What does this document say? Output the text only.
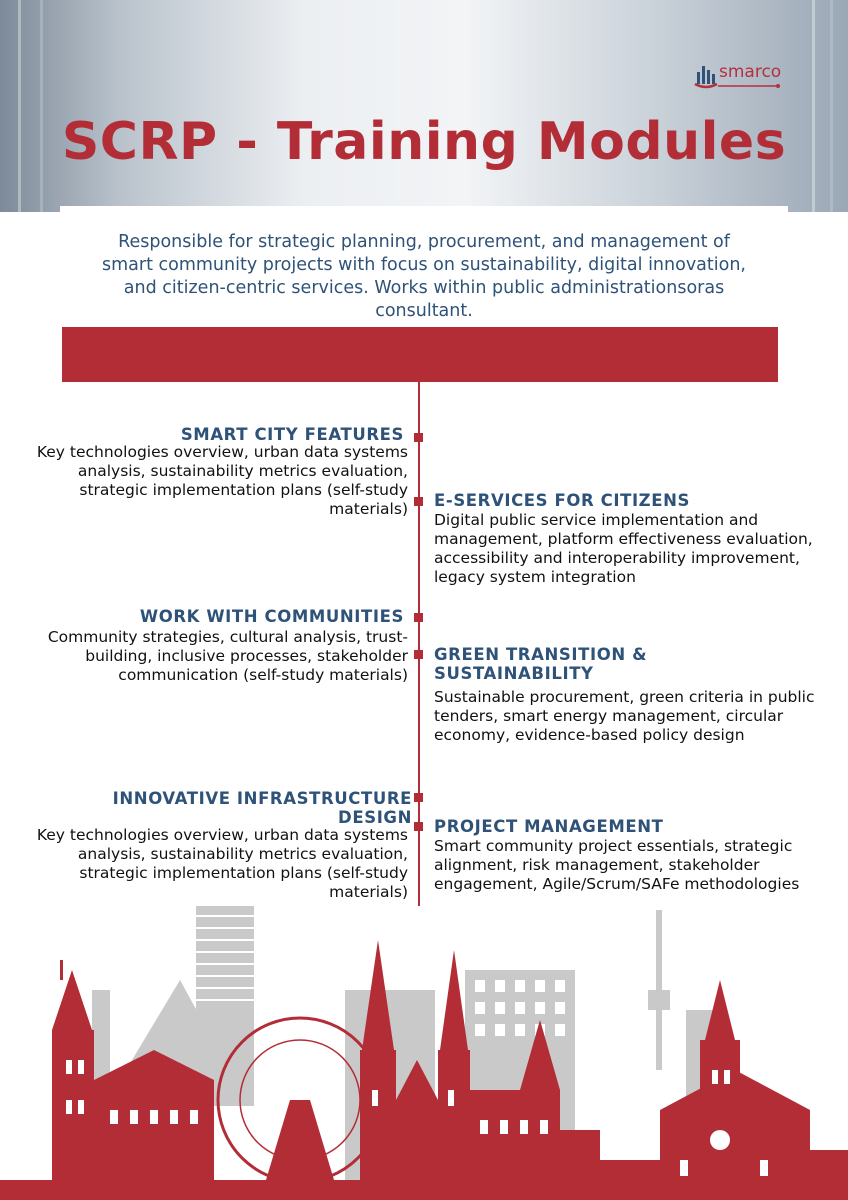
smarco
SCRP - Training Modules
Responsible for strategic planning, procurement, and management of smart community projects with focus on sustainability, digital innovation, and citizen-centric services. Works within public administrationsoras consultant.
SMART CITY FEATURES
Key technologies overview, urban data systems analysis, sustainability metrics evaluation, strategic implementation plans (self-study materials)
WORK WITH COMMUNITIES
Community strategies, cultural analysis, trust-building, inclusive processes, stakeholder communication (self-study materials)
INNOVATIVE INFRASTRUCTURE DESIGN
Key technologies overview, urban data systems analysis, sustainability metrics evaluation, strategic implementation plans (self-study materials)
E-SERVICES FOR CITIZENS
Digital public service implementation and management, platform effectiveness evaluation, accessibility and interoperability improvement, legacy system integration
GREEN TRANSITION & SUSTAINABILITY
Sustainable procurement, green criteria in public tenders, smart energy management, circular economy, evidence-based policy design
PROJECT MANAGEMENT
Smart community project essentials, strategic alignment, risk management, stakeholder engagement, Agile/Scrum/SAFe methodologies
